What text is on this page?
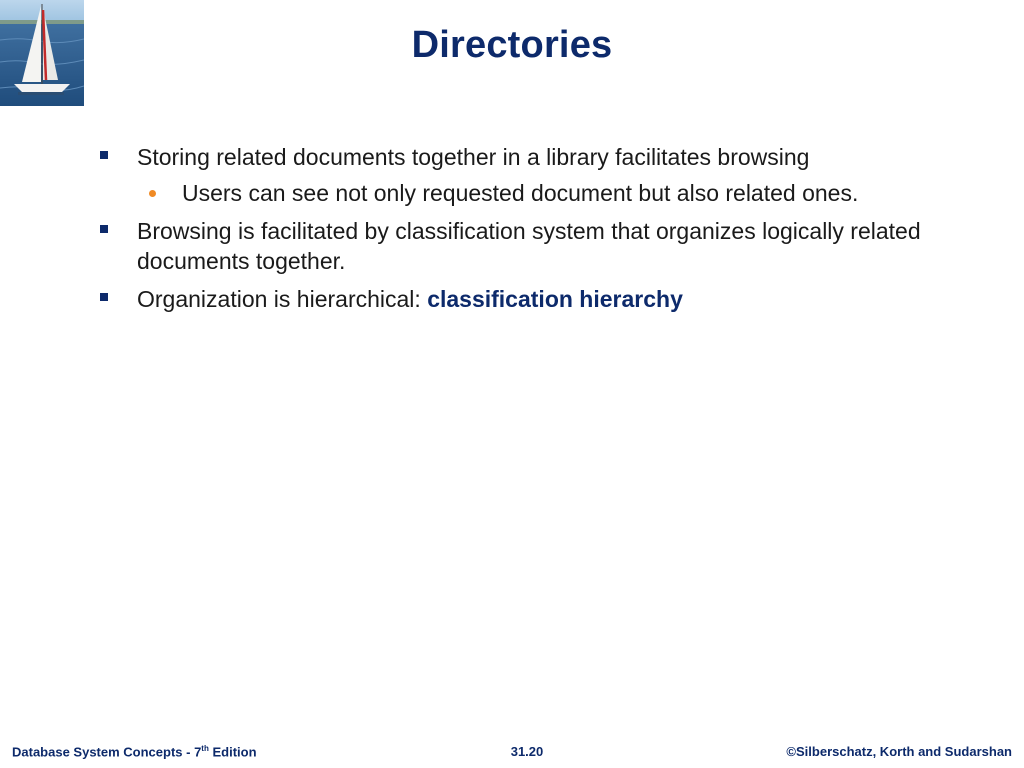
Directories
Storing related documents together in a library facilitates browsing
Users can see not only requested document but also related ones.
Browsing is facilitated by classification system that organizes logically related documents together.
Organization is hierarchical: classification hierarchy
Database System Concepts - 7th Edition	31.20	©Silberschatz, Korth and Sudarshan
